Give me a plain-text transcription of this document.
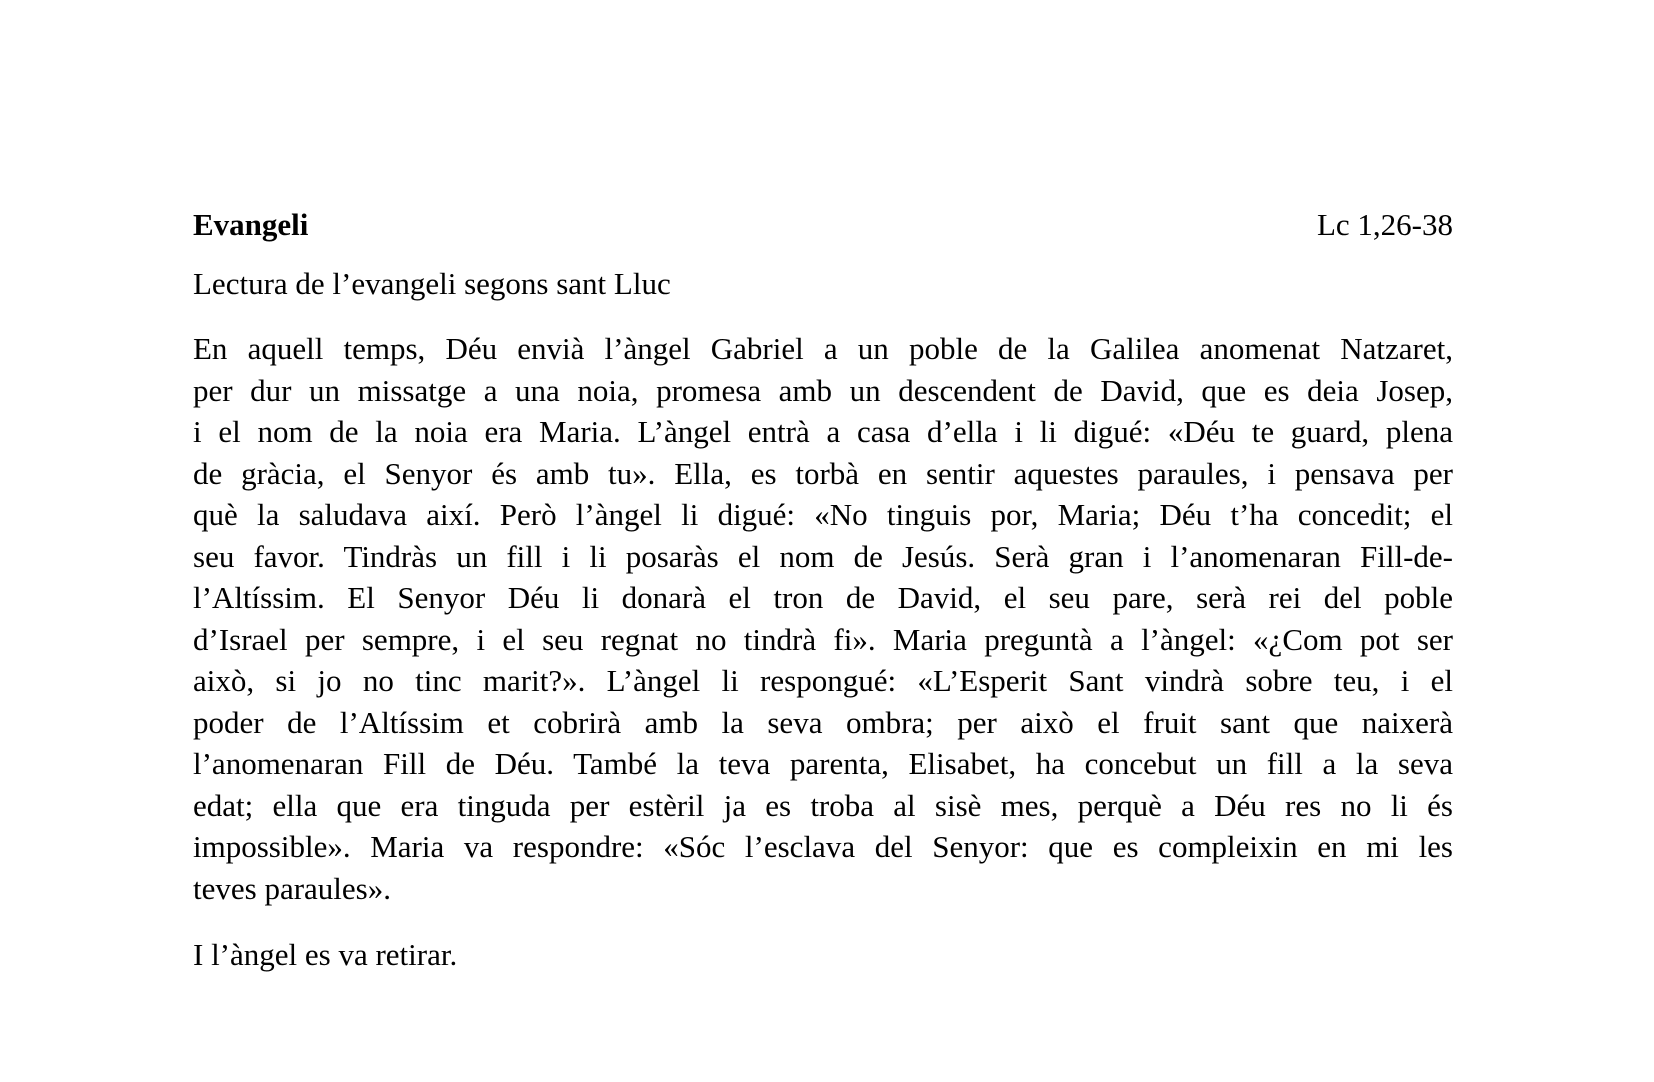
Evangeli	Lc 1,26-38

Lectura de l’evangeli segons sant Lluc

En aquell temps, Déu envià l’àngel Gabriel a un poble de la Galilea anomenat Natzaret,
per dur un missatge a una noia, promesa amb un descendent de David, que es deia Josep,
i el nom de la noia era Maria. L’àngel entrà a casa d’ella i li digué: «Déu te guard, plena
de gràcia, el Senyor és amb tu». Ella, es torbà en sentir aquestes paraules, i pensava per
què la saludava així. Però l’àngel li digué: «No tinguis por, Maria; Déu t’ha concedit; el
seu favor. Tindràs un fill i li posaràs el nom de Jesús. Serà gran i l’anomenaran Fill-de-
l’Altíssim. El Senyor Déu li donarà el tron de David, el seu pare, serà rei del poble
d’Israel per sempre, i el seu regnat no tindrà fi». Maria preguntà a l’àngel: «¿Com pot ser
això, si jo no tinc marit?». L’àngel li respongué: «L’Esperit Sant vindrà sobre teu, i el
poder de l’Altíssim et cobrirà amb la seva ombra; per això el fruit sant que naixerà
l’anomenaran Fill de Déu. També la teva parenta, Elisabet, ha concebut un fill a la seva
edat; ella que era tinguda per estèril ja es troba al sisè mes, perquè a Déu res no li és
impossible». Maria va respondre: «Sóc l’esclava del Senyor: que es compleixin en mi les
teves paraules».

I l’àngel es va retirar.
